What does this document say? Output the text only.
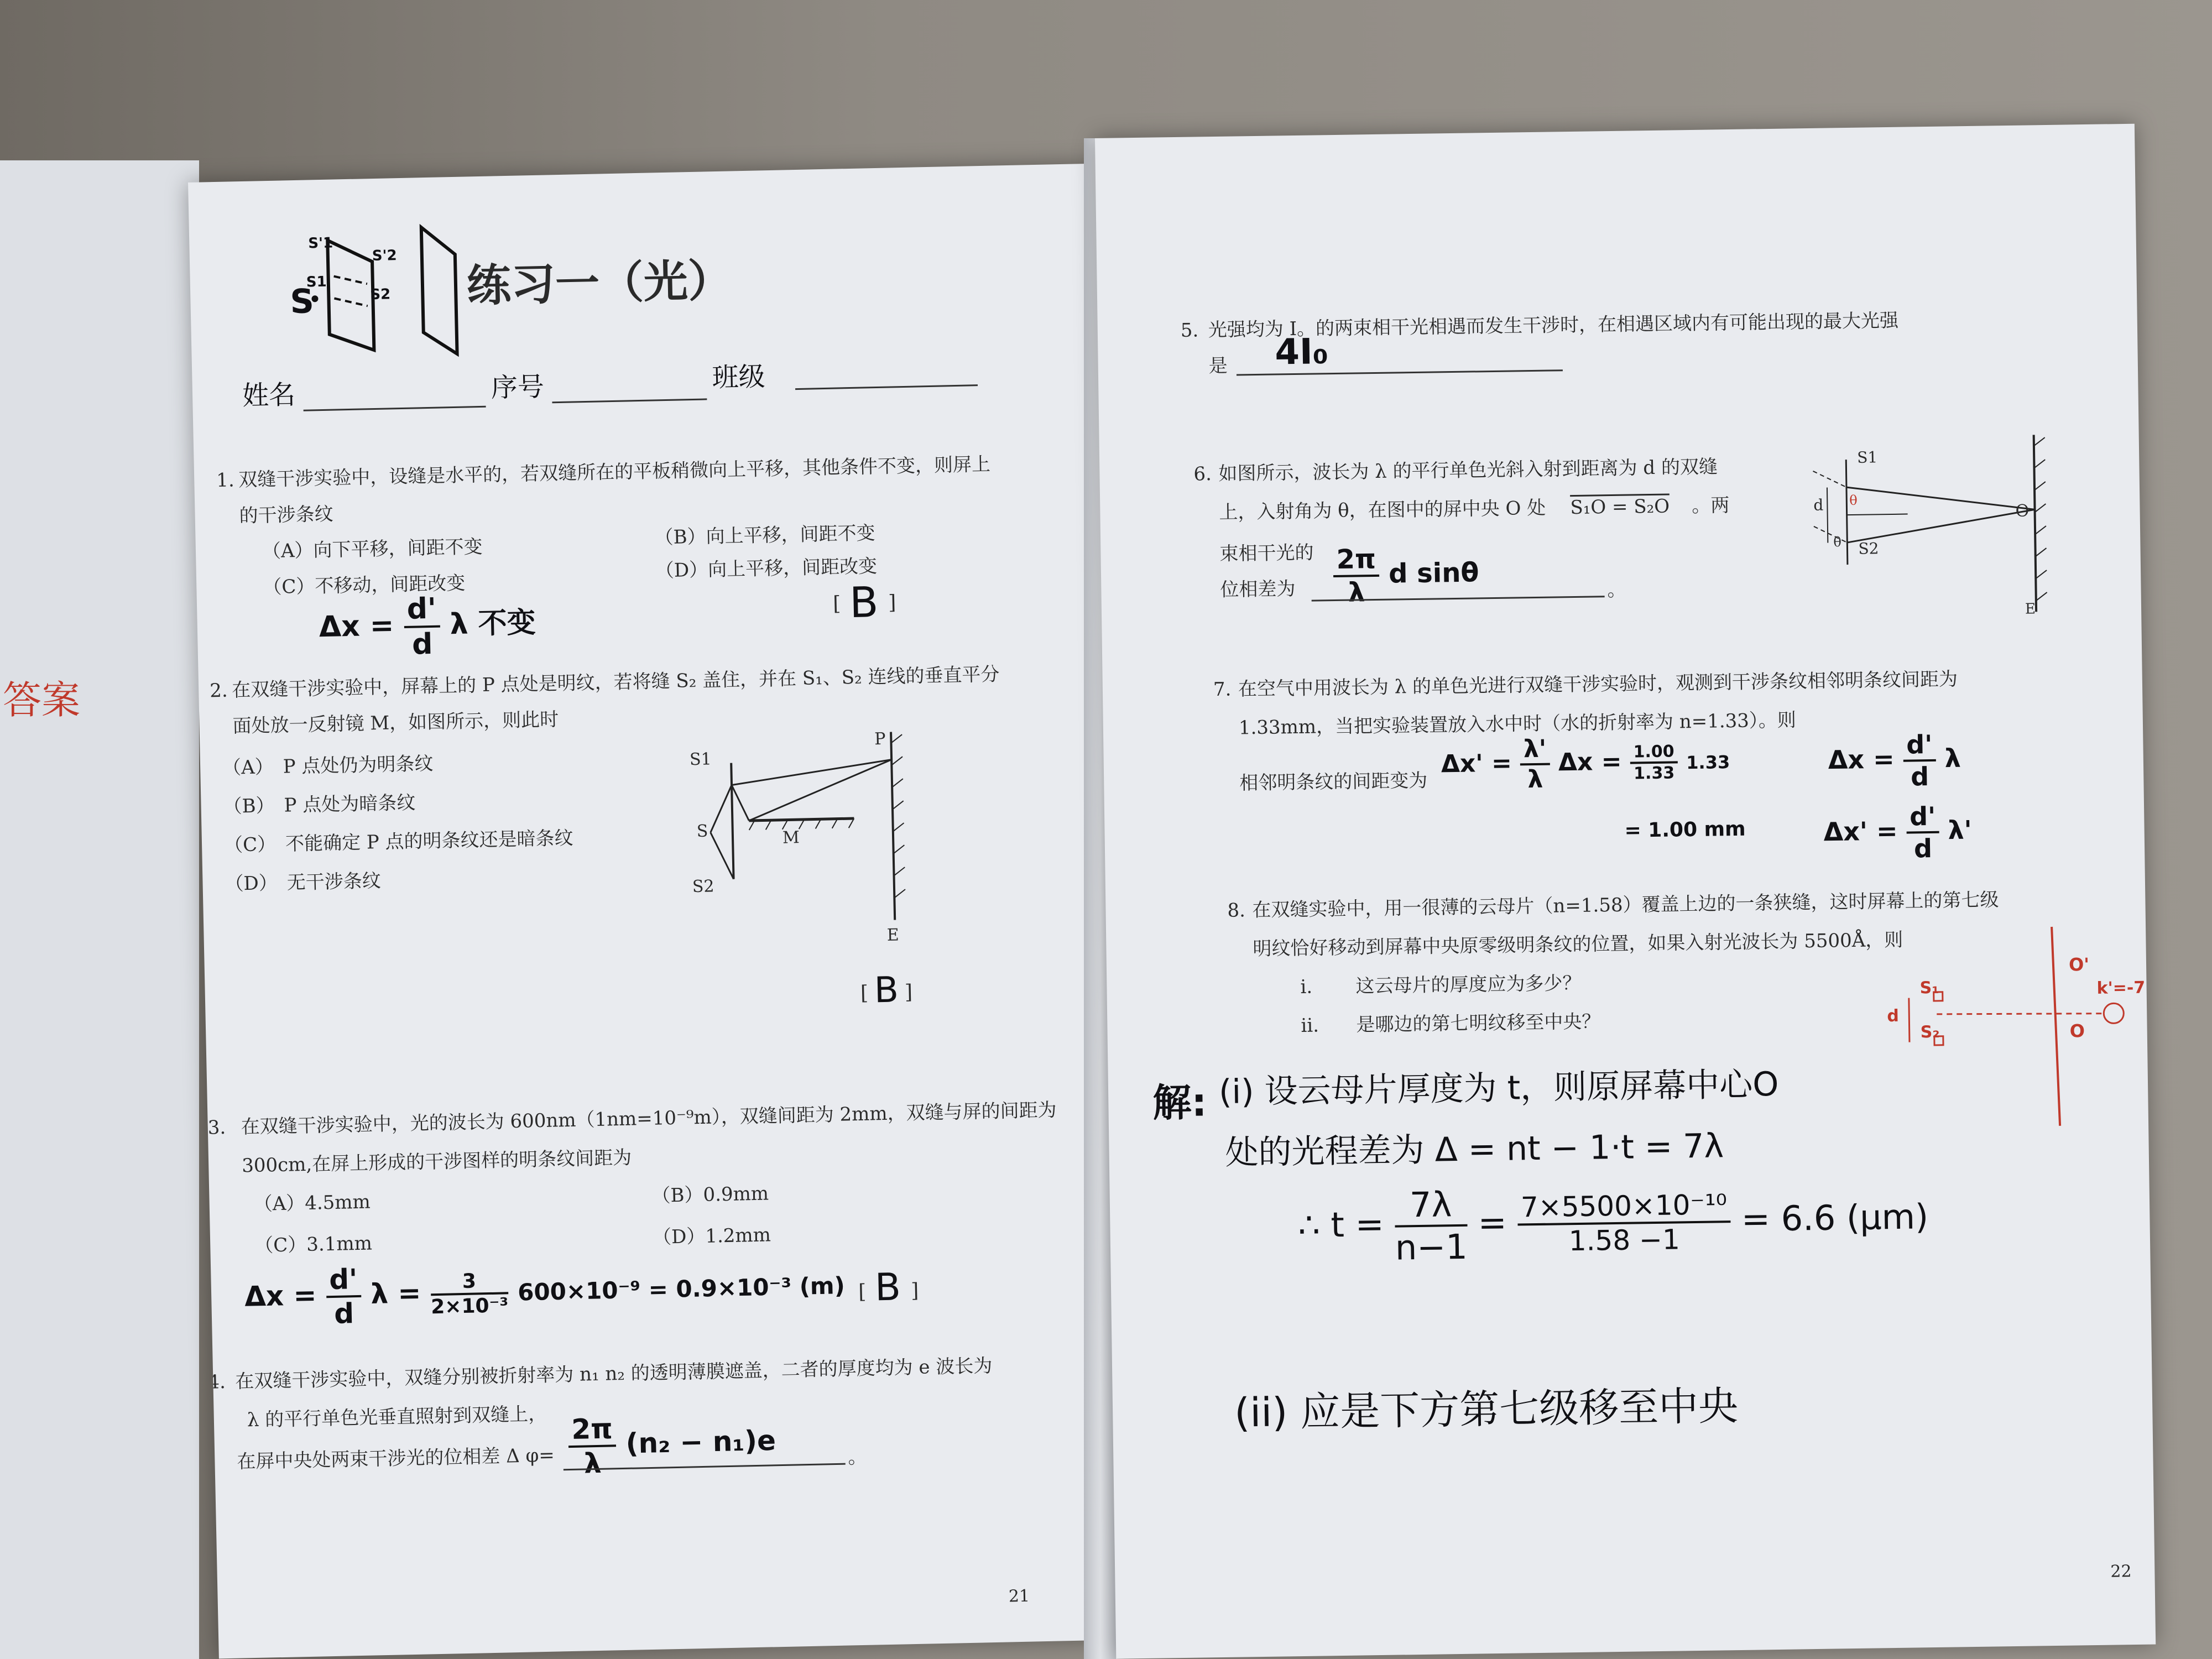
答案
S
S'1
S'2
S1
S2 练习一（光）
姓名	序号	班级
1. 双缝干涉实验中，设缝是水平的，若双缝所在的平板稍微向上平移，其他条件不变，则屏上
的干涉条纹
（A）向下平移，间距不变
（B）向上平移，间距不变
（C）不移动，间距改变
（D）向上平移，间距改变
$\Delta x = \frac{d'}{d}$ λ 不变
[ B ]
2. 在双缝干涉实验中，屏幕上的 P 点处是明纹，若将缝 S₂ 盖住，并在 S₁、S₂ 连线的垂直平分
面处放一反射镜 M，如图所示，则此时
（A）　P 点处仍为明条纹
（B）　P 点处为暗条纹
（C）　不能确定 P 点的明条纹还是暗条纹
（D）　无干涉条纹
S1
S
S2
M
P
E
[ B ]
3. 在双缝干涉实验中，光的波长为 600nm（1nm=10⁻⁹m），双缝间距为 2mm，双缝与屏的间距为
300cm,在屏上形成的干涉图样的明条纹间距为
（A）4.5mm	（B）0.9mm
（C）3.1mm	（D）1.2mm
$\Delta x = \frac{d'}{d}$ $\lambda = \frac{3}{\text{2×10⁻³}} 600\times 10^{-9} = 0.9\times 10^{-3}$ (m) [ B ]
4. 在双缝干涉实验中，双缝分别被折射率为 n₁ n₂ 的透明薄膜遮盖，二者的厚度均为 e 波长为
λ 的平行单色光垂直照射到双缝上，
在屏中央处两束干涉光的位相差 Δ $\varphi= \frac{2\pi}{\lambda} (n_2 - n_1)e$	。
21
5. 光强均为 I。的两束相干光相遇而发生干涉时，在相遇区域内有可能出现的最大光强
是 4I₀
6. 如图所示，波长为 λ 的平行单色光斜入射到距离为 d 的双缝
上，入射角为 θ，在图中的屏中央 O 处 S₁O = S₂O 。两
束相干光的
位相差为 $\frac{2\pi}{\lambda}$ d sinθ
。
S1
S2
d θ
θ
O
E
7. 在空气中用波长为 λ 的单色光进行双缝干涉实验时，观测到干涉条纹相邻明条纹间距为
1.33mm，当把实验装置放入水中时（水的折射率为 n=1.33）。则
相邻明条纹的间距变为
$\Delta x' = \frac{\lambda'}{\lambda}$ $\Delta x = \frac{1.00}{1.33} 1.33$
= 1.00 mm
$\Delta x = \frac{d'}{d}$ λ
$\Delta x' = \frac{d'}{d} \lambda'$
8. 在双缝实验中，用一很薄的云母片（n=1.58）覆盖上边的一条狭缝，这时屏幕上的第七级
明纹恰好移动到屏幕中央原零级明条纹的位置，如果入射光波长为 5500Å，则
i. 这云母片的厚度应为多少？
ii. 是哪边的第七明纹移至中央？
解: (i) 设云母片厚度为 t，则原屏幕中心O
处的光程差为 Δ = nt − 1·t = 7λ
∴ $t = \frac{7\lambda}{n-1} = \frac{\text{7×5500×10⁻¹⁰}}{1.58 -1} = 6.6$ (μm)
(ii) 应是下方第七级移至中央
S₁
S₂
d
O'
O
k'=-7
22
